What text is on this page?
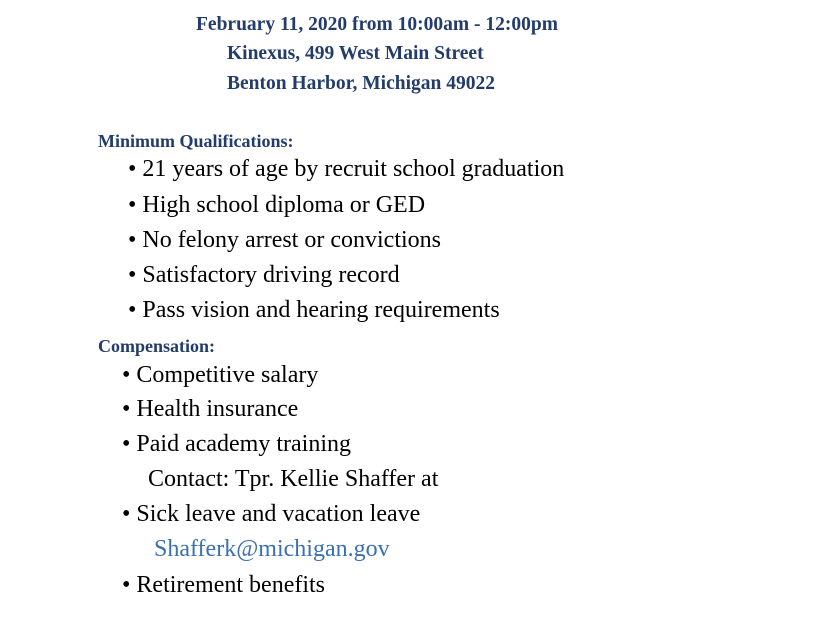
February 11, 2020 from 10:00am - 12:00pm
Kinexus, 499 West Main Street
Benton Harbor, Michigan 49022
Minimum Qualifications:
• 21 years of age by recruit school graduation
• High school diploma or GED
• No felony arrest or convictions
• Satisfactory driving record
• Pass vision and hearing requirements
Compensation:
• Competitive salary
• Health insurance
• Paid academy training
Contact: Tpr. Kellie Shaffer at
• Sick leave and vacation leave
Shafferk@michigan.gov
• Retirement benefits
